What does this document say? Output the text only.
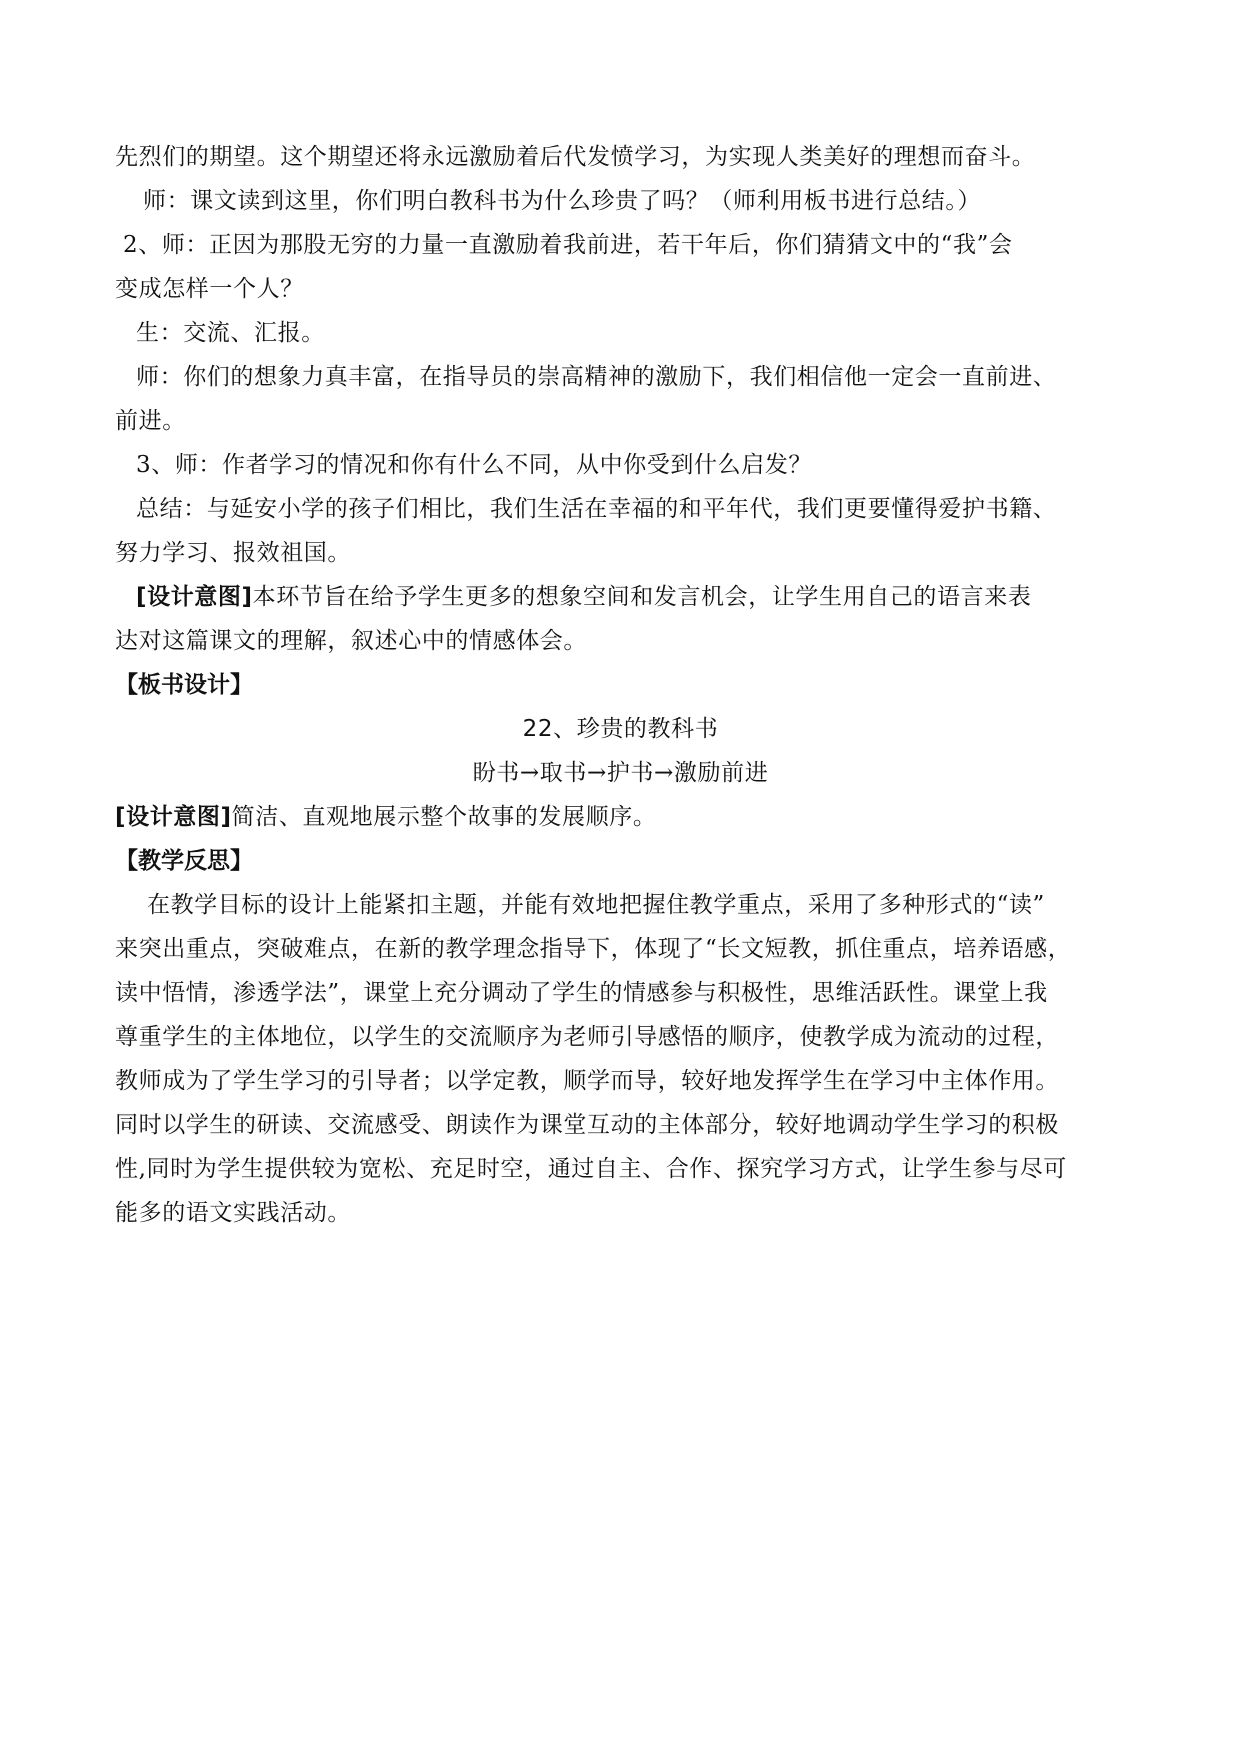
先烈们的期望。这个期望还将永远激励着后代发愤学习，为实现人类美好的理想而奋斗。
师：课文读到这里，你们明白教科书为什么珍贵了吗？（师利用板书进行总结。）
2、师：正因为那股无穷的力量一直激励着我前进，若干年后，你们猜猜文中的“我”会
变成怎样一个人？
生：交流、汇报。
师：你们的想象力真丰富，在指导员的崇高精神的激励下，我们相信他一定会一直前进、
前进。
3、师：作者学习的情况和你有什么不同，从中你受到什么启发？
总结：与延安小学的孩子们相比，我们生活在幸福的和平年代，我们更要懂得爱护书籍、
努力学习、报效祖国。
[设计意图]本环节旨在给予学生更多的想象空间和发言机会，让学生用自己的语言来表
达对这篇课文的理解，叙述心中的情感体会。
【板书设计】
22、珍贵的教科书
盼书→取书→护书→激励前进
[设计意图]简洁、直观地展示整个故事的发展顺序。
【教学反思】
在教学目标的设计上能紧扣主题，并能有效地把握住教学重点，采用了多种形式的“读”
来突出重点，突破难点，在新的教学理念指导下，体现了“长文短教，抓住重点，培养语感，
读中悟情，渗透学法”，课堂上充分调动了学生的情感参与积极性，思维活跃性。课堂上我
尊重学生的主体地位，以学生的交流顺序为老师引导感悟的顺序，使教学成为流动的过程，
教师成为了学生学习的引导者；以学定教，顺学而导，较好地发挥学生在学习中主体作用。
同时以学生的研读、交流感受、朗读作为课堂互动的主体部分，较好地调动学生学习的积极
性,同时为学生提供较为宽松、充足时空，通过自主、合作、探究学习方式，让学生参与尽可
能多的语文实践活动。
